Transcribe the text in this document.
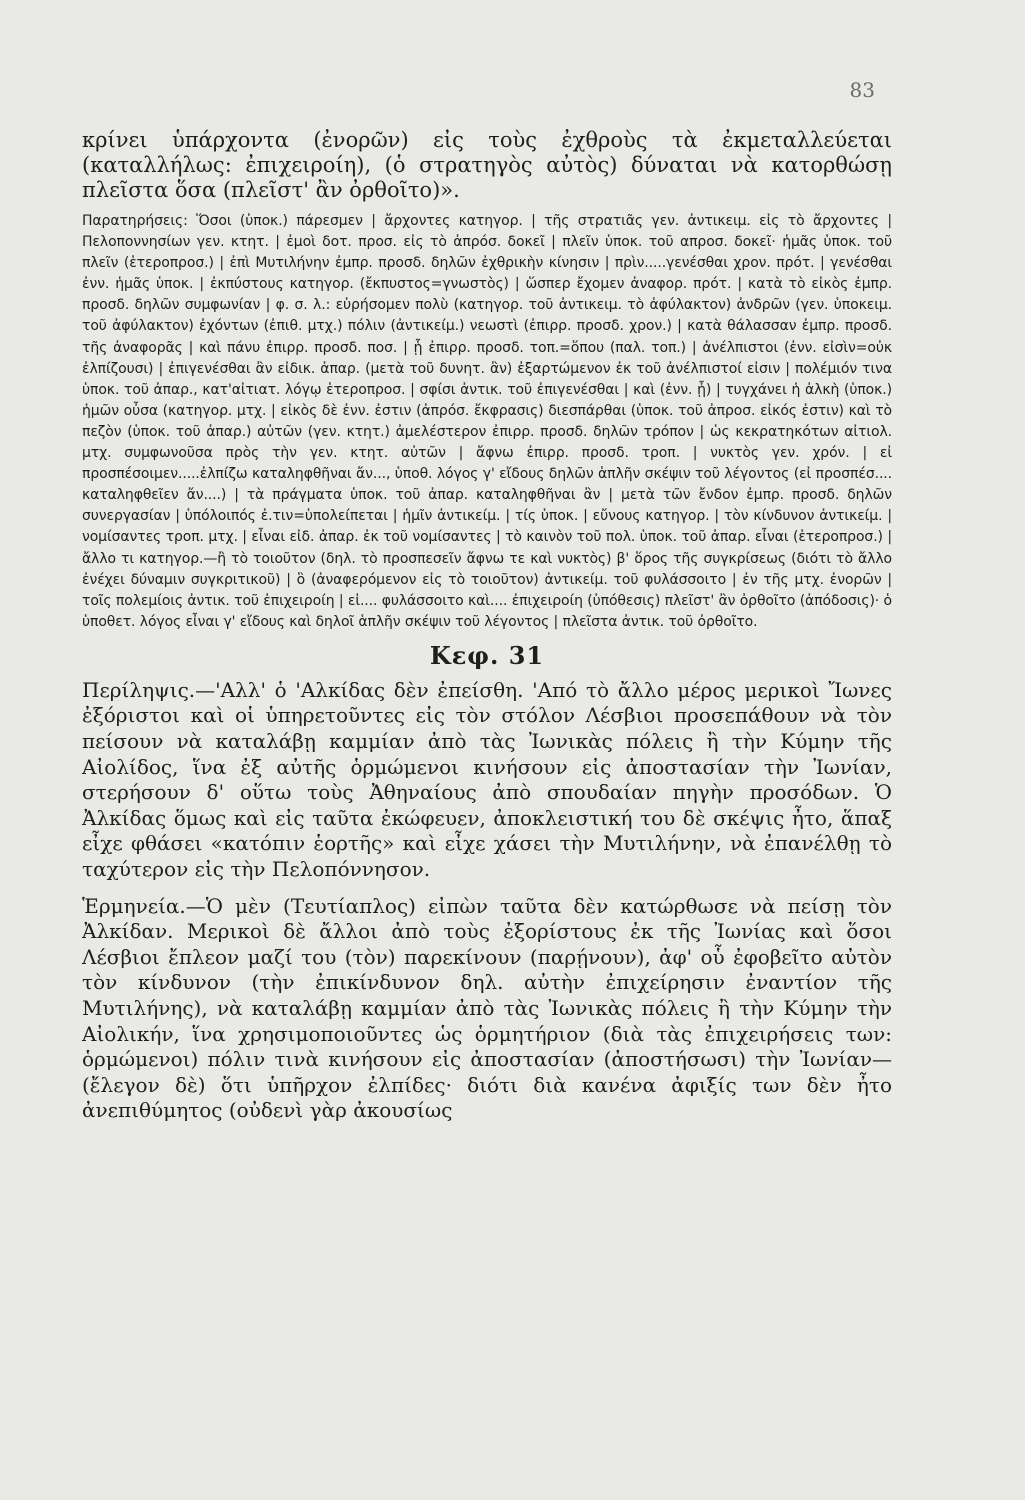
83

κρίνει ὑπάρχοντα (ἐνορῶν) εἰς τοὺς ἐχθροὺς τὰ ἐκμεταλλεύεται (καταλλήλως: ἐπιχειροίη), (ὁ στρατηγὸς αὐτὸς) δύναται νὰ κατορθώσῃ πλεῖστα ὅσα (πλεῖστ' ἂν ὀρθοῖτο)».

Παρατηρήσεις: Ὅσοι (ὑποκ.) πάρεσμεν | ἄρχοντες κατηγορ. | τῆς στρατιᾶς γεν. ἀντικειμ. εἰς τὸ ἄρχοντες | Πελοποννησίων γεν. κτητ. | ἐμοὶ δοτ. προσ. εἰς τὸ ἀπρόσ. δοκεῖ | πλεῖν ὑποκ. τοῦ απροσ. δοκεῖ· ἡμᾶς ὑποκ. τοῦ πλεῖν (ἑτεροπροσ.) | ἐπὶ Μυτιλήνην ἐμπρ. προσδ. δηλῶν ἐχθρικὴν κίνησιν | πρὶν.....γενέσθαι χρον. πρότ. | γενέσθαι ἐνν. ἡμᾶς ὑποκ. | ἐκπύστους κατηγορ. (ἔκπυστος=γνωστὸς) | ὥσπερ ἔχομεν ἀναφορ. πρότ. | κατὰ τὸ εἰκὸς ἐμπρ. προσδ. δηλῶν συμφωνίαν | φ. σ. λ.: εὑρήσομεν πολὺ (κατηγορ. τοῦ ἀντικειμ. τὸ ἀφύλακτον) ἀνδρῶν (γεν. ὑποκειμ. τοῦ ἀφύλακτον) ἐχόντων (ἐπιθ. μτχ.) πόλιν (ἀντικείμ.) νεωστὶ (ἐπιρρ. προσδ. χρον.) | κατὰ θάλασσαν ἐμπρ. προσδ. τῆς ἀναφορᾶς | καὶ πάνυ ἐπιρρ. προσδ. ποσ. | ᾗ ἐπιρρ. προσδ. τοπ.=ὅπου (παλ. τοπ.) | ἀνέλπιστοι (ἐνν. εἰσὶν=οὐκ ἐλπίζουσι) | ἐπιγενέσθαι ἂν εἰδικ. ἀπαρ. (μετὰ τοῦ δυνητ. ἂν) ἐξαρτώμενον ἐκ τοῦ ἀνέλπιστοί εἰσιν | πολέμιόν τινα ὑποκ. τοῦ ἀπαρ., κατ'αἰτιατ. λόγῳ ἑτεροπροσ. | σφίσι ἀντικ. τοῦ ἐπιγενέσθαι | καὶ (ἐνν. ᾗ) | τυγχάνει ἡ ἀλκὴ (ὑποκ.) ἡμῶν οὖσα (κατηγορ. μτχ. | εἰκὸς δὲ ἐνν. ἐστιν (ἀπρόσ. ἔκφρασις) διεσπάρθαι (ὑποκ. τοῦ ἀπροσ. εἰκός ἐστιν) καὶ τὸ πεζὸν (ὑποκ. τοῦ ἀπαρ.) αὐτῶν (γεν. κτητ.) ἀμελέστερον ἐπιρρ. προσδ. δηλῶν τρόπον | ὡς κεκρατηκότων αἰτιολ. μτχ. συμφωνοῦσα πρὸς τὴν γεν. κτητ. αὐτῶν | ἄφνω ἐπιρρ. προσδ. τροπ. | νυκτὸς γεν. χρόν. | εἰ προσπέσοιμεν.....ἐλπίζω καταληφθῆναι ἄν..., ὑποθ. λόγος γ' εἴδους δηλῶν ἁπλῆν σκέψιν τοῦ λέγοντος (εἰ προσπέσ.... καταληφθεῖεν ἄν....) | τὰ πράγματα ὑποκ. τοῦ ἀπαρ. καταληφθῆναι ἂν | μετὰ τῶν ἔνδον ἐμπρ. προσδ. δηλῶν συνεργασίαν | ὑπόλοιπός ἐ.τιν=ὑπολείπεται | ἡμῖν ἀντικείμ. | τίς ὑποκ. | εὔνους κατηγορ. | τὸν κίνδυνον ἀντικείμ. | νομίσαντες τροπ. μτχ. | εἶναι εἰδ. ἀπαρ. ἐκ τοῦ νομίσαντες | τὸ καινὸν τοῦ πολ. ὑποκ. τοῦ ἀπαρ. εἶναι (ἑτεροπροσ.) | ἄλλο τι κατηγορ.—ἢ τὸ τοιοῦτον (δηλ. τὸ προσπεσεῖν ἄφνω τε καὶ νυκτὸς) β' ὅρος τῆς συγκρίσεως (διότι τὸ ἄλλο ἐνέχει δύναμιν συγκριτικοῦ) | ὃ (ἀναφερόμενον εἰς τὸ τοιοῦτον) ἀντικείμ. τοῦ φυλάσσοιτο | ἐν τῆς μτχ. ἐνορῶν | τοῖς πολεμίοις ἀντικ. τοῦ ἐπιχειροίη | εἰ.... φυλάσσοιτο καὶ.... ἐπιχειροίη (ὑπόθεσις) πλεῖστ' ἂν ὀρθοῖτο (ἀπόδοσις)· ὁ ὑποθετ. λόγος εἶναι γ' εἴδους καὶ δηλοῖ ἁπλῆν σκέψιν τοῦ λέγοντος | πλεῖστα ἀντικ. τοῦ ὀρθοῖτο.

Κεφ. 31

Περίληψις.—'Αλλ' ὁ 'Αλκίδας δὲν ἐπείσθη. 'Από τὸ ἄλλο μέρος μερικοὶ Ἴωνες ἐξόριστοι καὶ οἱ ὑπηρετοῦντες εἰς τὸν στόλον Λέσβιοι προσεπάθουν νὰ τὸν πείσουν νὰ καταλάβῃ καμμίαν ἀπὸ τὰς Ἰωνικὰς πόλεις ἢ τὴν Κύμην τῆς Αἰολίδος, ἵνα ἐξ αὐτῆς ὁρμώμενοι κινήσουν εἰς ἀποστασίαν τὴν Ἰωνίαν, στερήσουν δ' οὕτω τοὺς Ἀθηναίους ἀπὸ σπουδαίαν πηγὴν προσόδων. Ὁ Ἀλκίδας ὅμως καὶ εἰς ταῦτα ἐκώφευεν, ἀποκλειστική του δὲ σκέψις ἦτο, ἅπαξ εἶχε φθάσει «κατόπιν ἑορτῆς» καὶ εἶχε χάσει τὴν Μυτιλήνην, νὰ ἐπανέλθῃ τὸ ταχύτερον εἰς τὴν Πελοπόννησον.

Ἑρμηνεία.—Ὁ μὲν (Τευτίαπλος) εἰπὼν ταῦτα δὲν κατώρθωσε νὰ πείσῃ τὸν Ἀλκίδαν. Μερικοὶ δὲ ἄλλοι ἀπὸ τοὺς ἐξορίστους ἐκ τῆς Ἰωνίας καὶ ὅσοι Λέσβιοι ἔπλεον μαζί του (τὸν) παρεκίνουν (παρῄνουν), ἀφ' οὗ ἐφοβεῖτο αὐτὸν τὸν κίνδυνον (τὴν ἐπικίνδυνον δηλ. αὐτὴν ἐπιχείρησιν ἐναντίον τῆς Μυτιλήνης), νὰ καταλάβῃ καμμίαν ἀπὸ τὰς Ἰωνικὰς πόλεις ἢ τὴν Κύμην τὴν Αἰολικήν, ἵνα χρησιμοποιοῦντες ὡς ὁρμητήριον (διὰ τὰς ἐπιχειρήσεις των: ὁρμώμενοι) πόλιν τινὰ κινήσουν εἰς ἀποστασίαν (ἀποστήσωσι) τὴν Ἰωνίαν—(ἔλεγον δὲ) ὅτι ὑπῆρχον ἐλπίδες· διότι διὰ κανένα ἀφιξίς των δὲν ἦτο ἀνεπιθύμητος (οὐδενὶ γὰρ ἀκουσίως
